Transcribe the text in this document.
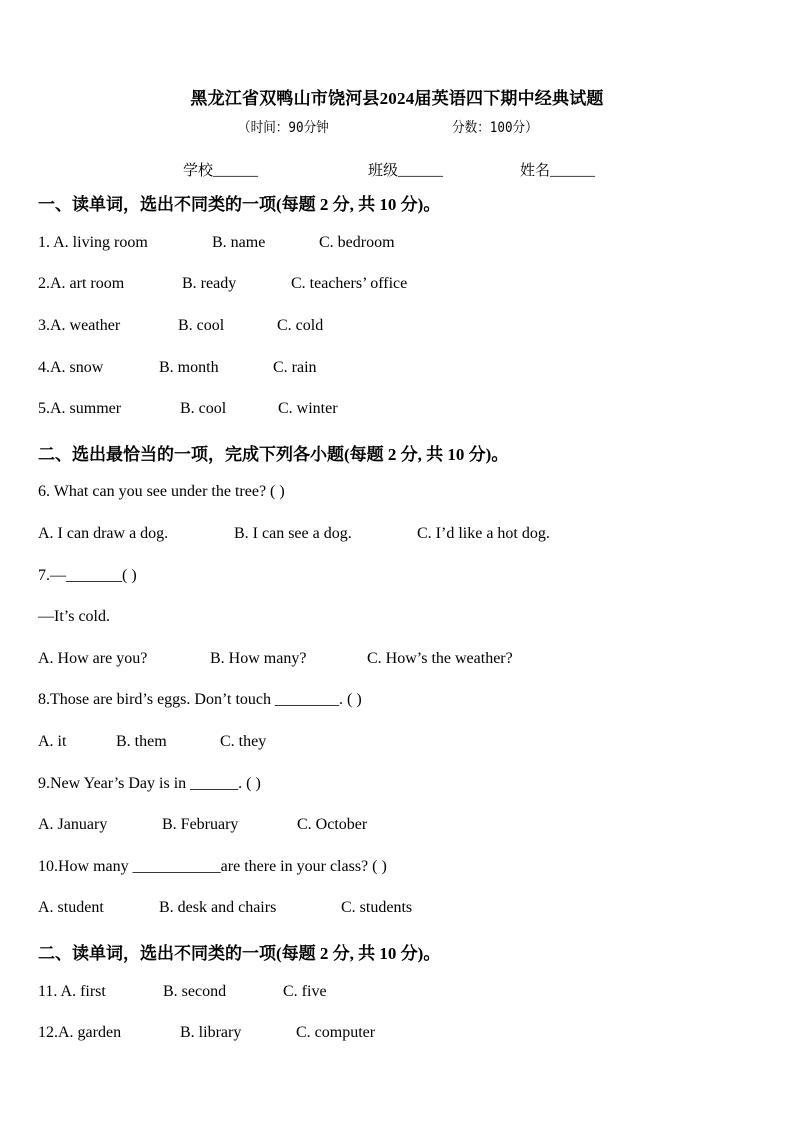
黑龙江省双鸭山市饶河县2024届英语四下期中经典试题
（时间：90分钟	分数：100分）
学校______	班级______	姓名______
一、读单词，选出不同类的一项(每题 2 分, 共 10 分)。
1. A. living room	B. name	C. bedroom
2.A. art room	B. ready	C. teachers’ office
3.A. weather	B. cool	C. cold
4.A. snow	B. month	C. rain
5.A. summer	B. cool	C. winter
二、选出最恰当的一项，完成下列各小题(每题 2 分, 共 10 分)。
6. What can you see under the tree? ( )
A. I can draw a dog.	B. I can see a dog.	C. I’d like a hot dog.
7.—_______( )
—It’s cold.
A. How are you?	B. How many?	C. How’s the weather?
8.Those are bird’s eggs. Don’t touch ________. ( )
A. it	B. them	C. they
9.New Year’s Day is in ______. ( )
A. January	B. February	C. October
10.How many ___________are there in your class? ( )
A. student	B. desk and chairs	C. students
二、读单词，选出不同类的一项(每题 2 分, 共 10 分)。
11. A. first	B. second	C. five
12.A. garden	B. library	C. computer
